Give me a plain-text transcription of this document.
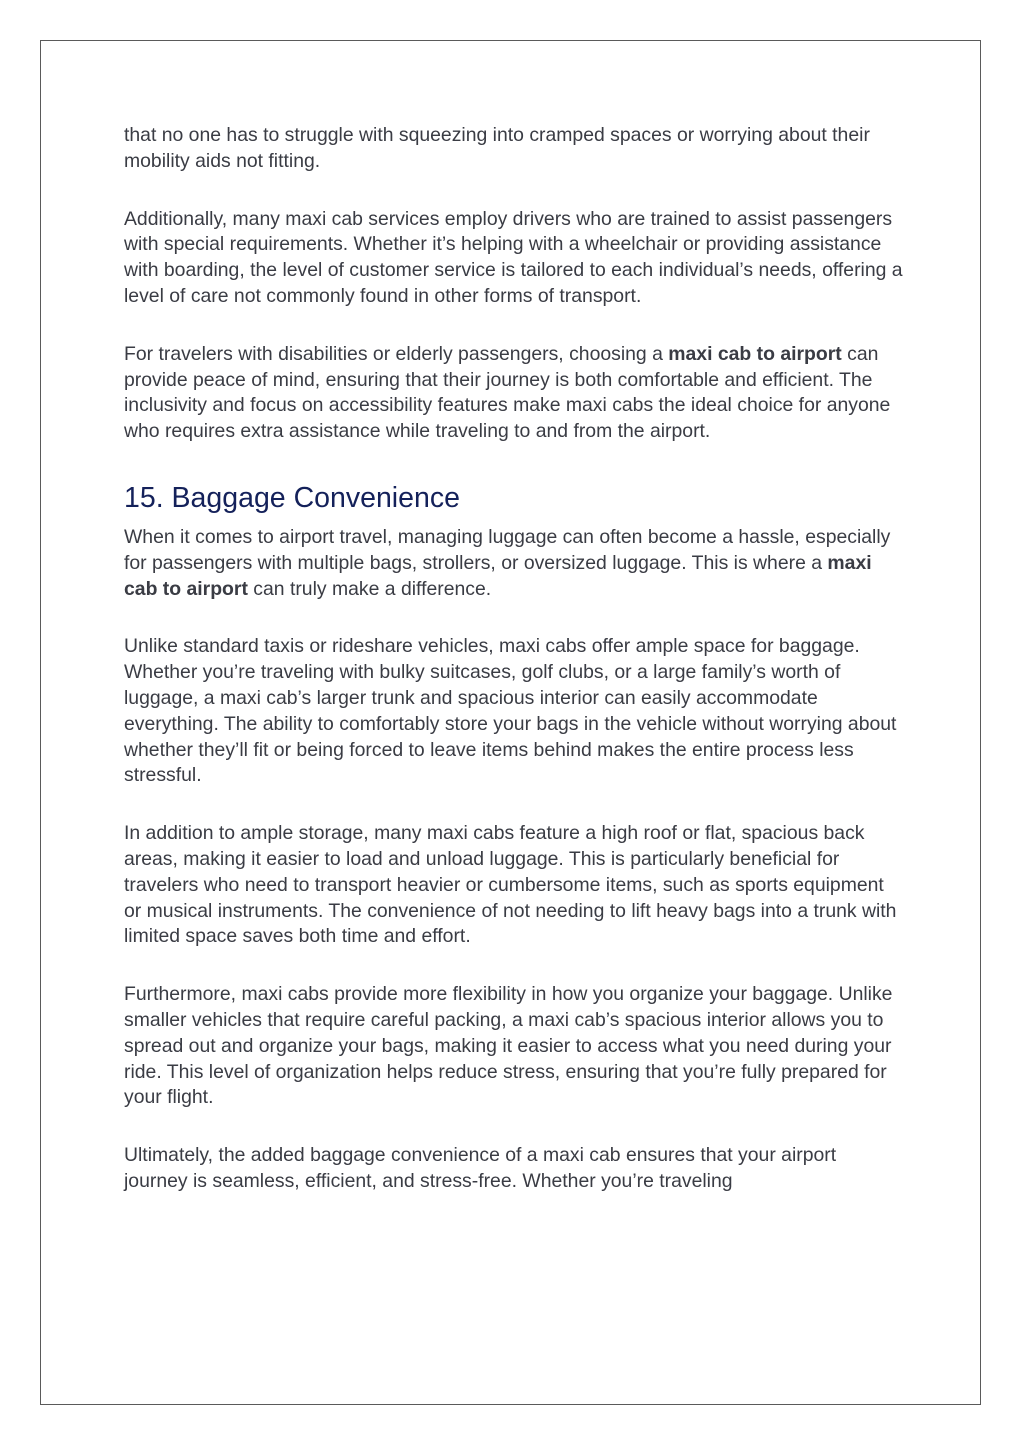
that no one has to struggle with squeezing into cramped spaces or worrying about their mobility aids not fitting.

Additionally, many maxi cab services employ drivers who are trained to assist passengers with special requirements. Whether it’s helping with a wheelchair or providing assistance with boarding, the level of customer service is tailored to each individual’s needs, offering a level of care not commonly found in other forms of transport.

For travelers with disabilities or elderly passengers, choosing a maxi cab to airport can provide peace of mind, ensuring that their journey is both comfortable and efficient. The inclusivity and focus on accessibility features make maxi cabs the ideal choice for anyone who requires extra assistance while traveling to and from the airport.

15. Baggage Convenience

When it comes to airport travel, managing luggage can often become a hassle, especially for passengers with multiple bags, strollers, or oversized luggage. This is where a maxi cab to airport can truly make a difference.

Unlike standard taxis or rideshare vehicles, maxi cabs offer ample space for baggage. Whether you’re traveling with bulky suitcases, golf clubs, or a large family’s worth of luggage, a maxi cab’s larger trunk and spacious interior can easily accommodate everything. The ability to comfortably store your bags in the vehicle without worrying about whether they’ll fit or being forced to leave items behind makes the entire process less stressful.

In addition to ample storage, many maxi cabs feature a high roof or flat, spacious back areas, making it easier to load and unload luggage. This is particularly beneficial for travelers who need to transport heavier or cumbersome items, such as sports equipment or musical instruments. The convenience of not needing to lift heavy bags into a trunk with limited space saves both time and effort.

Furthermore, maxi cabs provide more flexibility in how you organize your baggage. Unlike smaller vehicles that require careful packing, a maxi cab’s spacious interior allows you to spread out and organize your bags, making it easier to access what you need during your ride. This level of organization helps reduce stress, ensuring that you’re fully prepared for your flight.

Ultimately, the added baggage convenience of a maxi cab ensures that your airport journey is seamless, efficient, and stress-free. Whether you’re traveling
